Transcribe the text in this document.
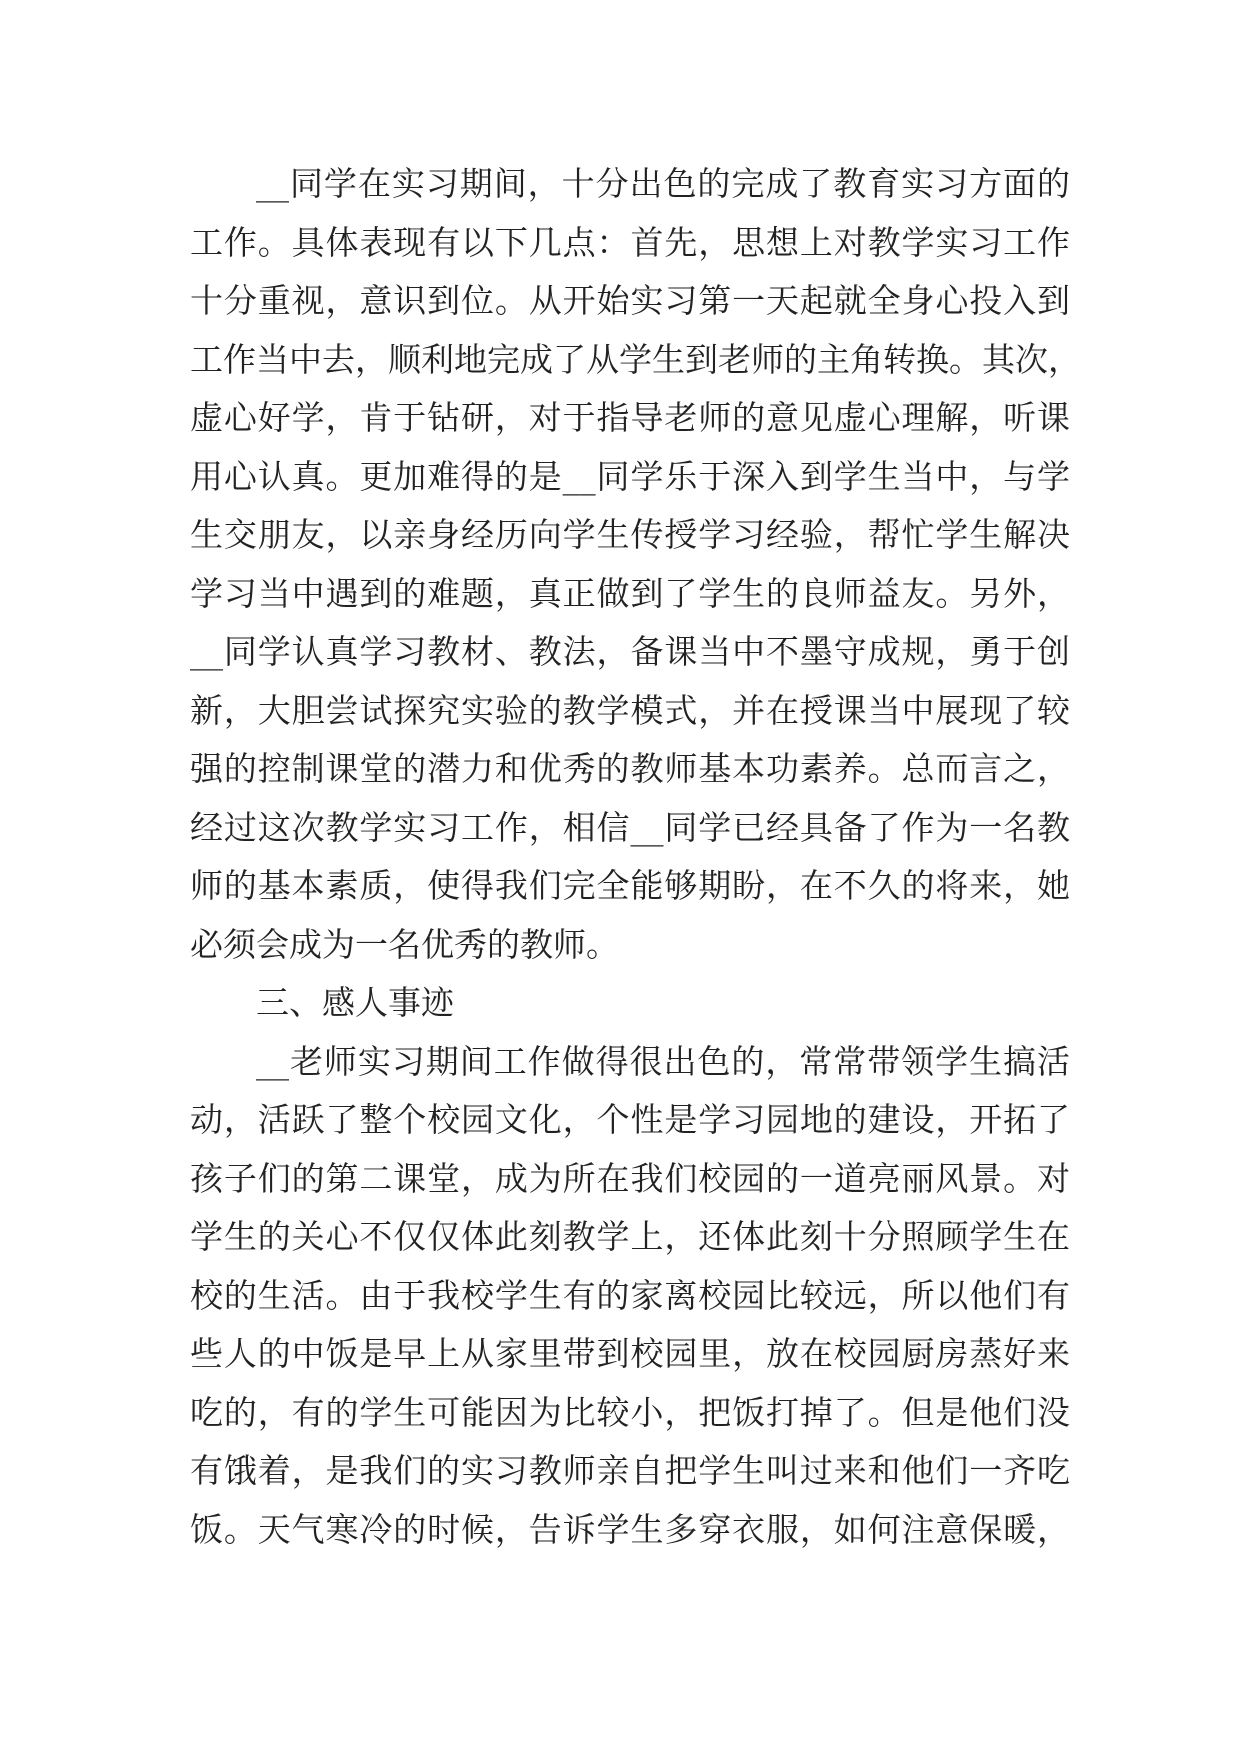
__同学在实习期间，十分出色的完成了教育实习方面的
工作。具体表现有以下几点：首先，思想上对教学实习工作
十分重视，意识到位。从开始实习第一天起就全身心投入到
工作当中去，顺利地完成了从学生到老师的主角转换。其次，
虚心好学，肯于钻研，对于指导老师的意见虚心理解，听课
用心认真。更加难得的是__同学乐于深入到学生当中，与学
生交朋友，以亲身经历向学生传授学习经验，帮忙学生解决
学习当中遇到的难题，真正做到了学生的良师益友。另外，
__同学认真学习教材、教法，备课当中不墨守成规，勇于创
新，大胆尝试探究实验的教学模式，并在授课当中展现了较
强的控制课堂的潜力和优秀的教师基本功素养。总而言之，
经过这次教学实习工作，相信__同学已经具备了作为一名教
师的基本素质，使得我们完全能够期盼，在不久的将来，她
必须会成为一名优秀的教师。
三、感人事迹
__老师实习期间工作做得很出色的，常常带领学生搞活
动，活跃了整个校园文化，个性是学习园地的建设，开拓了
孩子们的第二课堂，成为所在我们校园的一道亮丽风景。对
学生的关心不仅仅体此刻教学上，还体此刻十分照顾学生在
校的生活。由于我校学生有的家离校园比较远，所以他们有
些人的中饭是早上从家里带到校园里，放在校园厨房蒸好来
吃的，有的学生可能因为比较小，把饭打掉了。但是他们没
有饿着，是我们的实习教师亲自把学生叫过来和他们一齐吃
饭。天气寒冷的时候，告诉学生多穿衣服，如何注意保暖，
